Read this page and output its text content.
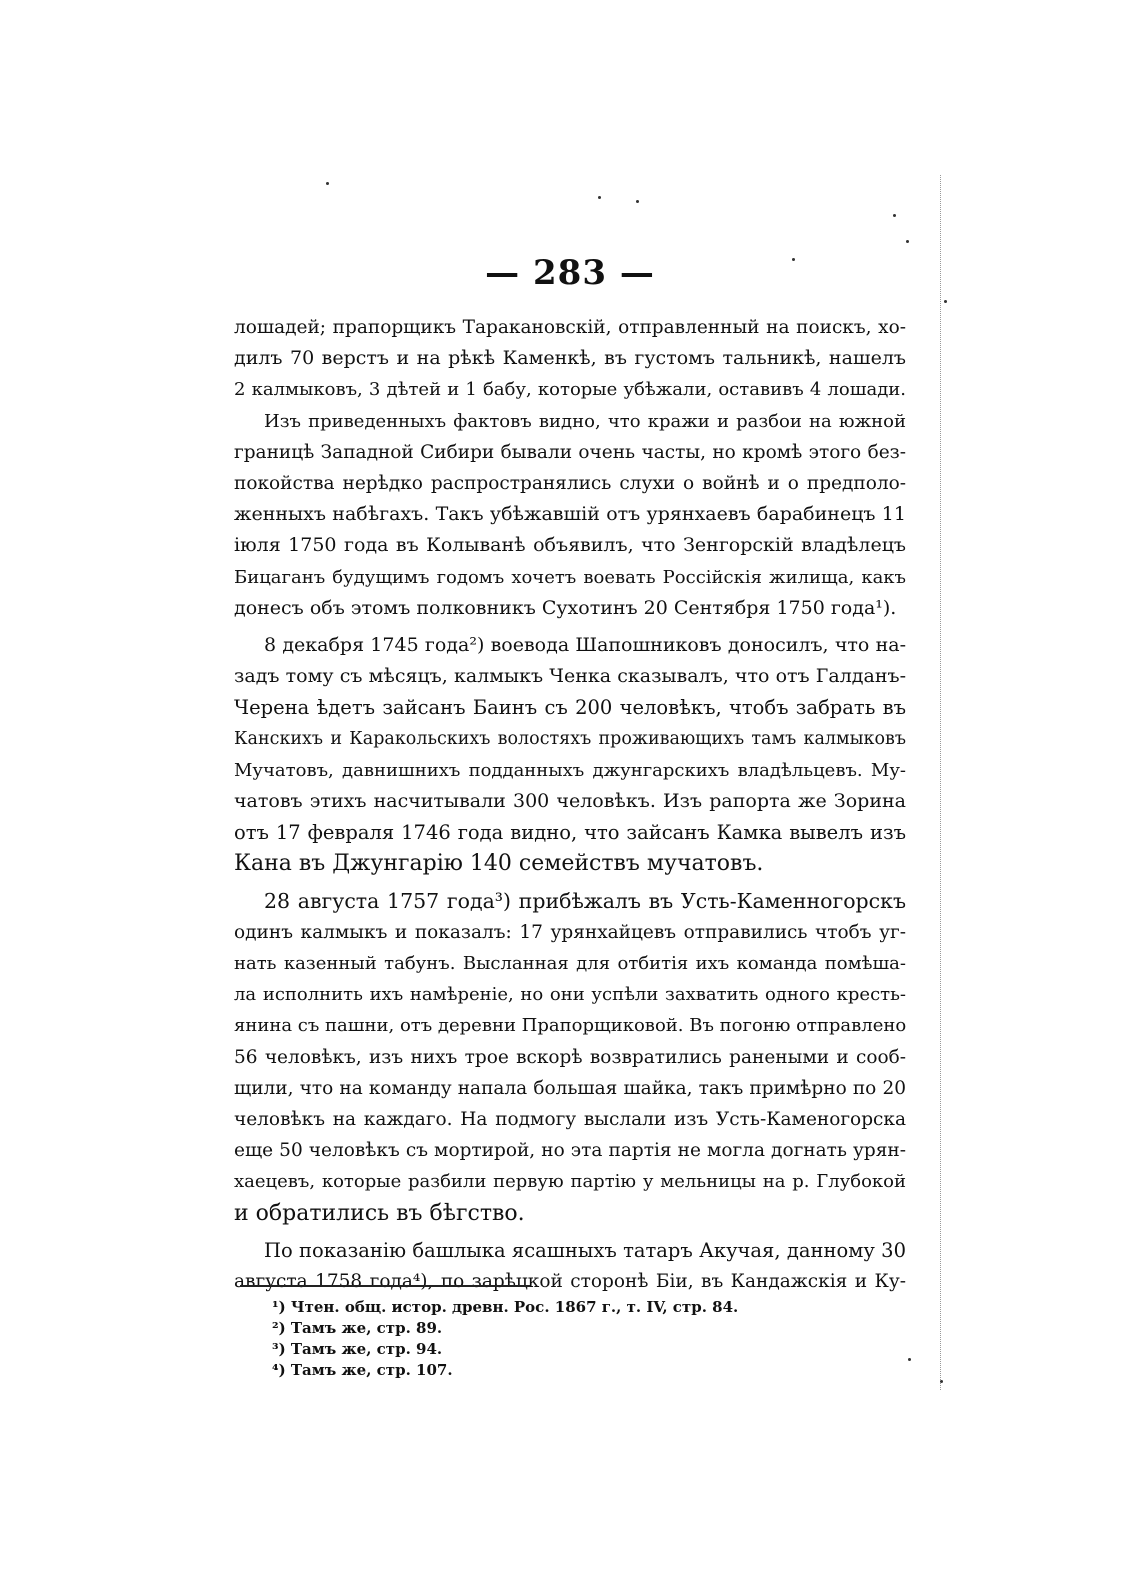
— 283 —
лошадей; прапорщикъ Таракановскій, отправленный на поискъ, хо-
дилъ 70 верстъ и на рѣкѣ Каменкѣ, въ густомъ тальникѣ, нашелъ
2 калмыковъ, 3 дѣтей и 1 бабу, которые убѣжали, оставивъ 4 лошади.
Изъ приведенныхъ фактовъ видно, что кражи и разбои на южной
границѣ Западной Сибири бывали очень часты, но кромѣ этого без-
покойства нерѣдко распространялись слухи о войнѣ и о предполо-
женныхъ набѣгахъ. Такъ убѣжавшій отъ урянхаевъ барабинецъ 11
іюля 1750 года въ Колыванѣ объявилъ, что Зенгорскій владѣлецъ
Бицаганъ будущимъ годомъ хочетъ воевать Россійскія жилища, какъ
донесъ объ этомъ полковникъ Сухотинъ 20 Сентября 1750 года¹).
8 декабря 1745 года²) воевода Шапошниковъ доносилъ, что на-
задъ тому съ мѣсяцъ, калмыкъ Ченка сказывалъ, что отъ Галданъ-
Черена ѣдетъ зайсанъ Баинъ съ 200 человѣкъ, чтобъ забрать въ
Канскихъ и Каракольскихъ волостяхъ проживающихъ тамъ калмыковъ
Мучатовъ, давнишнихъ подданныхъ джунгарскихъ владѣльцевъ. Му-
чатовъ этихъ насчитывали 300 человѣкъ. Изъ рапорта же Зорина
отъ 17 февраля 1746 года видно, что зайсанъ Камка вывелъ изъ
Кана въ Джунгарію 140 семействъ мучатовъ.
28 августа 1757 года³) прибѣжалъ въ Усть-Каменногорскъ
одинъ калмыкъ и показалъ: 17 урянхайцевъ отправились чтобъ уг-
нать казенный табунъ. Высланная для отбитія ихъ команда помѣша-
ла исполнить ихъ намѣреніе, но они успѣли захватить одного кресть-
янина съ пашни, отъ деревни Прапорщиковой. Въ погоню отправлено
56 человѣкъ, изъ нихъ трое вскорѣ возвратились ранеными и сооб-
щили, что на команду напала большая шайка, такъ примѣрно по 20
человѣкъ на каждаго. На подмогу выслали изъ Усть-Каменогорска
еще 50 человѣкъ съ мортирой, но эта партія не могла догнать урян-
хаецевъ, которые разбили первую партію у мельницы на р. Глубокой
и обратились въ бѣгство.
По показанію башлыка ясашныхъ татаръ Акучая, данному 30
августа 1758 года⁴), по зарѣцкой сторонѣ Біи, въ Кандажскія и Ку-
¹) Чтен. общ. истор. древн. Рос. 1867 г., т. IV, стр. 84.
²) Тамъ же, стр. 89.
³) Тамъ же, стр. 94.
⁴) Тамъ же, стр. 107.
